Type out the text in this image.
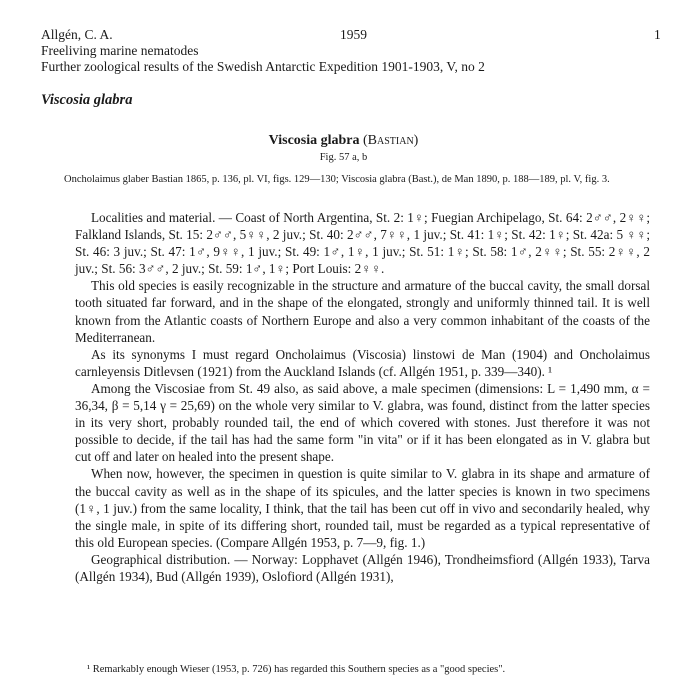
Allgén, C. A.	1959	1
Freeliving marine nematodes
Further zoological results of the Swedish Antarctic Expedition 1901-1903, V, no 2
Viscosia glabra
Viscosia glabra (Bastian)
Fig. 57 a, b
Oncholaimus glaber Bastian 1865, p. 136, pl. VI, figs. 129—130; Viscosia glabra (Bast.), de Man 1890, p. 188—189, pl. V, fig. 3.

Localities and material. — Coast of North Argentina, St. 2: 1♀; Fuegian Archipelago, St. 64: 2♂♂, 2♀♀; Falkland Islands, St. 15: 2♂♂, 5♀♀, 2 juv.; St. 40: 2♂♂, 7♀♀, 1 juv.; St. 41: 1♀; St. 42: 1♀; St. 42a: 5 ♀♀; St. 46: 3 juv.; St. 47: 1♂, 9♀♀, 1 juv.; St. 49: 1♂, 1♀, 1 juv.; St. 51: 1♀; St. 58: 1♂, 2♀♀; St. 55: 2♀♀, 2 juv.; St. 56: 3♂♂, 2 juv.; St. 59: 1♂, 1♀; Port Louis: 2♀♀.

This old species is easily recognizable in the structure and armature of the buccal cavity, the small dorsal tooth situated far forward, and in the shape of the elongated, strongly and uniformly thinned tail. It is well known from the Atlantic coasts of Northern Europe and also a very common inhabitant of the coasts of the Mediterranean.

As its synonyms I must regard Oncholaimus (Viscosia) linstowi de Man (1904) and Oncholaimus carnleyensis Ditlevsen (1921) from the Auckland Islands (cf. Allgén 1951, p. 339—340). ¹

Among the Viscosiae from St. 49 also, as said above, a male specimen (dimensions: L = 1,490 mm, α = 36,34, β = 5,14 γ = 25,69) on the whole very similar to V. glabra, was found, distinct from the latter species in its very short, probably rounded tail, the end of which covered with stones. Just therefore it was not possible to decide, if the tail has had the same form "in vita" or if it has been elongated as in V. glabra but cut off and later on healed into the present shape.

When now, however, the specimen in question is quite similar to V. glabra in its shape and armature of the buccal cavity as well as in the shape of its spicules, and the latter species is known in two specimens (1♀, 1 juv.) from the same locality, I think, that the tail has been cut off in vivo and secondarily healed, why the single male, in spite of its differing short, rounded tail, must be regarded as a typical representative of this old European species. (Compare Allgén 1953, p. 7—9, fig. 1.)

Geographical distribution. — Norway: Lopphavet (Allgén 1946), Trondheimsfiord (Allgén 1933), Tarva (Allgén 1934), Bud (Allgén 1939), Oslofiord (Allgén 1931),

¹ Remarkably enough Wieser (1953, p. 726) has regarded this Southern species as a "good species".
